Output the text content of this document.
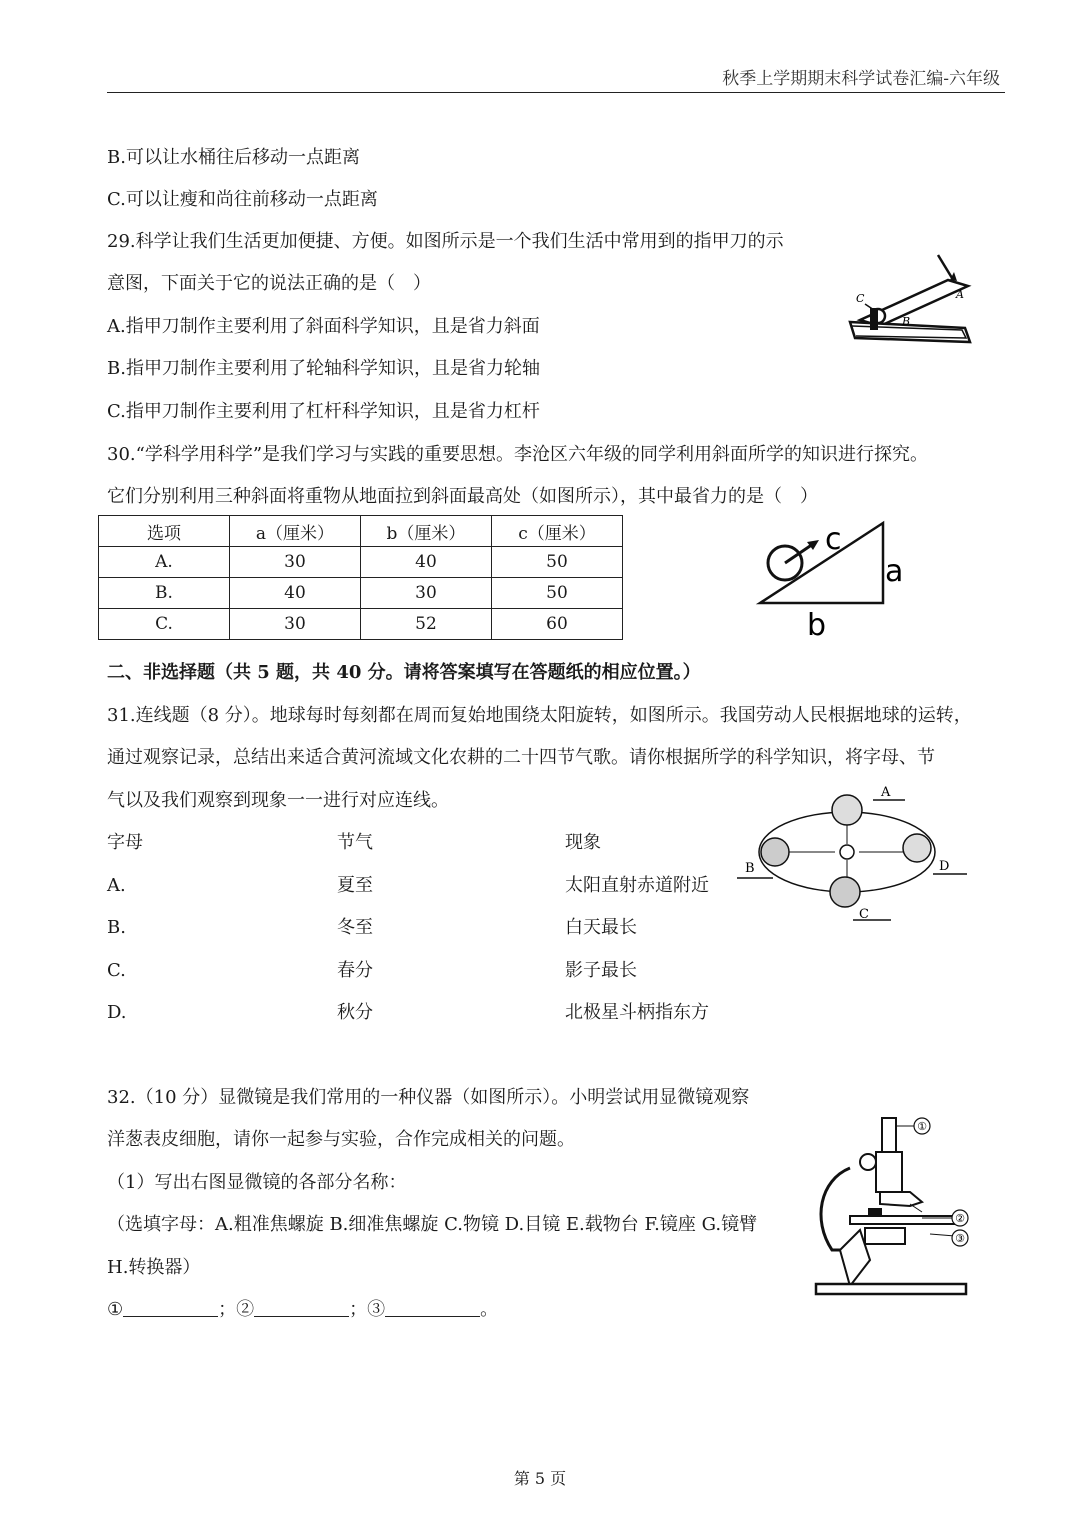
秋季上学期期末科学试卷汇编-六年级
B.可以让水桶往后移动一点距离
C.可以让瘦和尚往前移动一点距离
29.科学让我们生活更加便捷、方便。如图所示是一个我们生活中常用到的指甲刀的示
意图，下面关于它的说法正确的是（　）
A.指甲刀制作主要利用了斜面科学知识，且是省力斜面
B.指甲刀制作主要利用了轮轴科学知识，且是省力轮轴
C.指甲刀制作主要利用了杠杆科学知识，且是省力杠杆
C
B
A
30.“学科学用科学”是我们学习与实践的重要思想。李沧区六年级的同学利用斜面所学的知识进行探究。
它们分别利用三种斜面将重物从地面拉到斜面最高处（如图所示），其中最省力的是（　）
选项	a（厘米）	b（厘米）	c（厘米）
A.	30	40	50
B.	40	30	50
C.	30	52	60
c
a
b
二、非选择题（共 5 题，共 40 分。请将答案填写在答题纸的相应位置。）
31.连线题（8 分）。地球每时每刻都在周而复始地围绕太阳旋转，如图所示。我国劳动人民根据地球的运转，
通过观察记录，总结出来适合黄河流域文化农耕的二十四节气歌。请你根据所学的科学知识，将字母、节
气以及我们观察到现象一一进行对应连线。
字母	节气	现象
A.	夏至	太阳直射赤道附近
B.	冬至	白天最长
C.	春分	影子最长
D.	秋分	北极星斗柄指东方
A
B
C
D
32.（10 分）显微镜是我们常用的一种仪器（如图所示）。小明尝试用显微镜观察
洋葱表皮细胞，请你一起参与实验，合作完成相关的问题。
（1）写出右图显微镜的各部分名称：
（选填字母：A.粗准焦螺旋 B.细准焦螺旋 C.物镜 D.目镜 E.载物台 F.镜座 G.镜臂
H.转换器）
①	；②	；③	。
①
②
③
第 5 页
